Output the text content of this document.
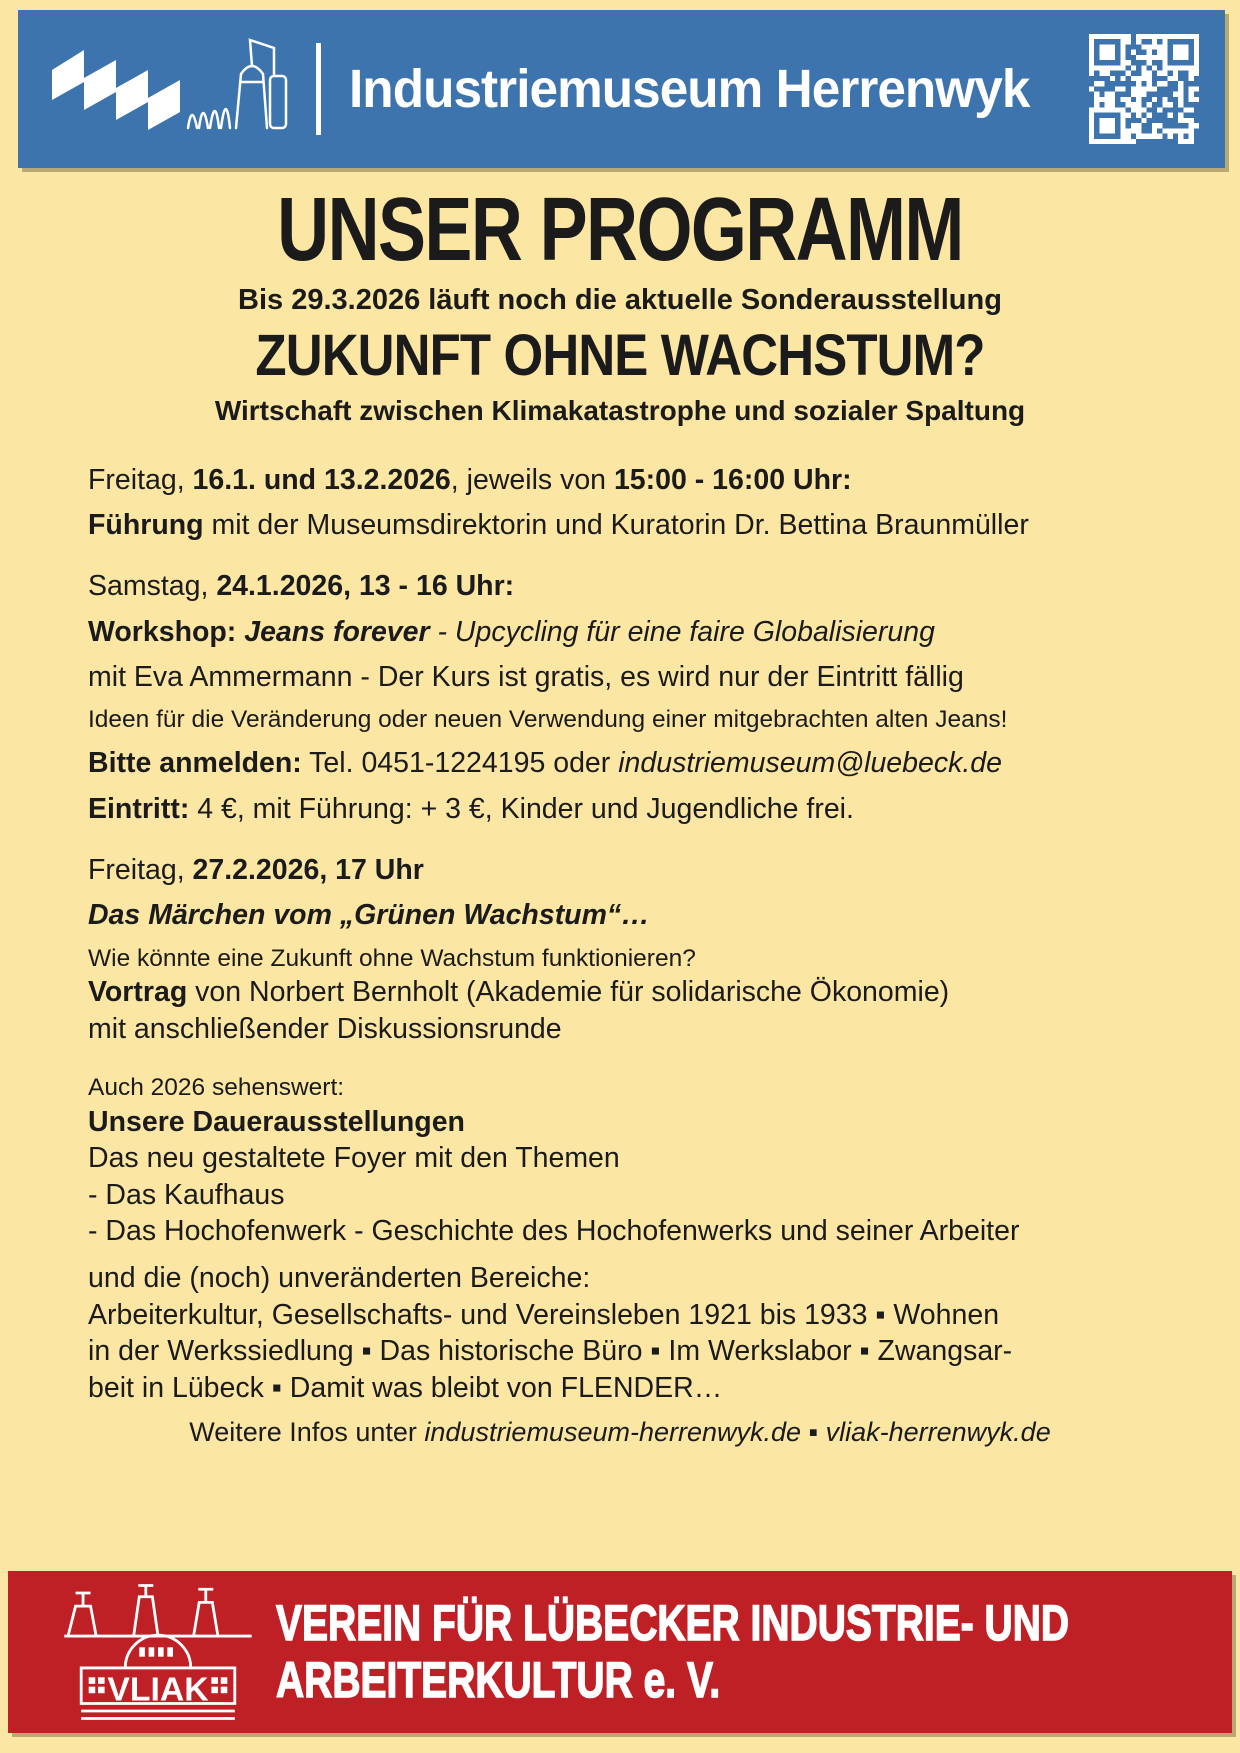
Industriemuseum Herrenwyk
UNSER PROGRAMM

Bis 29.3.2026 läuft noch die aktuelle Sonderausstellung

ZUKUNFT OHNE WACHSTUM?

Wirtschaft zwischen Klimakatastrophe und sozialer Spaltung

Freitag, 16.1. und 13.2.2026, jeweils von 15:00 - 16:00 Uhr:

Führung mit der Museumsdirektorin und Kuratorin Dr. Bettina Braunmüller

Samstag, 24.1.2026, 13 - 16 Uhr:

Workshop: Jeans forever - Upcycling für eine faire Globalisierung

mit Eva Ammermann - Der Kurs ist gratis, es wird nur der Eintritt fällig

Ideen für die Veränderung oder neuen Verwendung einer mitgebrachten alten Jeans!

Bitte anmelden: Tel. 0451-1224195 oder industriemuseum@luebeck.de

Eintritt: 4 €, mit Führung: + 3 €, Kinder und Jugendliche frei.

Freitag, 27.2.2026, 17 Uhr

Das Märchen vom „Grünen Wachstum“…

Wie könnte eine Zukunft ohne Wachstum funktionieren?

Vortrag von Norbert Bernholt (Akademie für solidarische Ökonomie)

mit anschließender Diskussionsrunde

Auch 2026 sehenswert:

Unsere Dauerausstellungen

Das neu gestaltete Foyer mit den Themen

- Das Kaufhaus

- Das Hochofenwerk - Geschichte des Hochofenwerks und seiner Arbeiter

und die (noch) unveränderten Bereiche:

Arbeiterkultur, Gesellschafts- und Vereinsleben 1921 bis 1933 ▪ Wohnen

in der Werkssiedlung ▪ Das historische Büro ▪ Im Werkslabor ▪ Zwangsar-

beit in Lübeck ▪ Damit was bleibt von FLENDER…

Weitere Infos unter industriemuseum-herrenwyk.de ▪ vliak-herrenwyk.de

VLIAK
VEREIN FÜR LÜBECKER INDUSTRIE- UND
ARBEITERKULTUR e. V.
